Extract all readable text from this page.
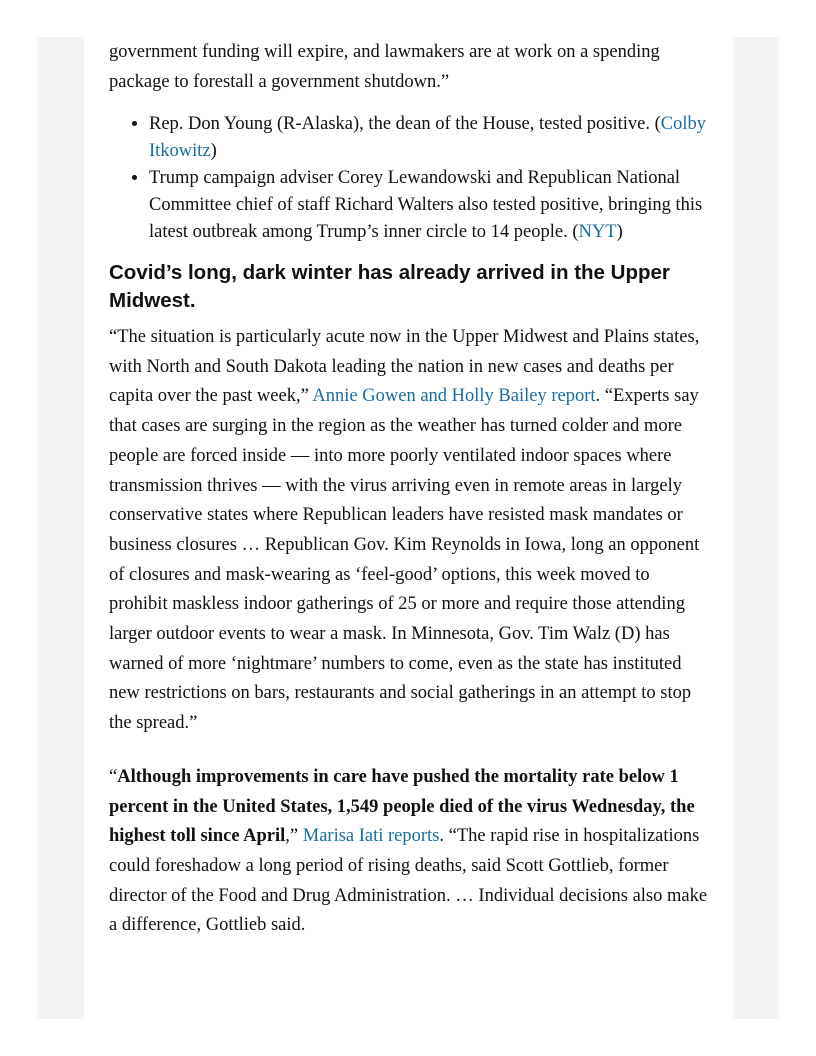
government funding will expire, and lawmakers are at work on a spending package to forestall a government shutdown.”

• Rep. Don Young (R-Alaska), the dean of the House, tested positive. (Colby Itkowitz)
• Trump campaign adviser Corey Lewandowski and Republican National Committee chief of staff Richard Walters also tested positive, bringing this latest outbreak among Trump’s inner circle to 14 people. (NYT)
Covid’s long, dark winter has already arrived in the Upper Midwest.

“The situation is particularly acute now in the Upper Midwest and Plains states, with North and South Dakota leading the nation in new cases and deaths per capita over the past week,” Annie Gowen and Holly Bailey report. “Experts say that cases are surging in the region as the weather has turned colder and more people are forced inside — into more poorly ventilated indoor spaces where transmission thrives — with the virus arriving even in remote areas in largely conservative states where Republican leaders have resisted mask mandates or business closures … Republican Gov. Kim Reynolds in Iowa, long an opponent of closures and mask-wearing as ‘feel-good’ options, this week moved to prohibit maskless indoor gatherings of 25 or more and require those attending larger outdoor events to wear a mask. In Minnesota, Gov. Tim Walz (D) has warned of more ‘nightmare’ numbers to come, even as the state has instituted new restrictions on bars, restaurants and social gatherings in an attempt to stop the spread.”

“Although improvements in care have pushed the mortality rate below 1 percent in the United States, 1,549 people died of the virus Wednesday, the highest toll since April,” Marisa Iati reports. “The rapid rise in hospitalizations could foreshadow a long period of rising deaths, said Scott Gottlieb, former director of the Food and Drug Administration. … Individual decisions also make a difference, Gottlieb said.
